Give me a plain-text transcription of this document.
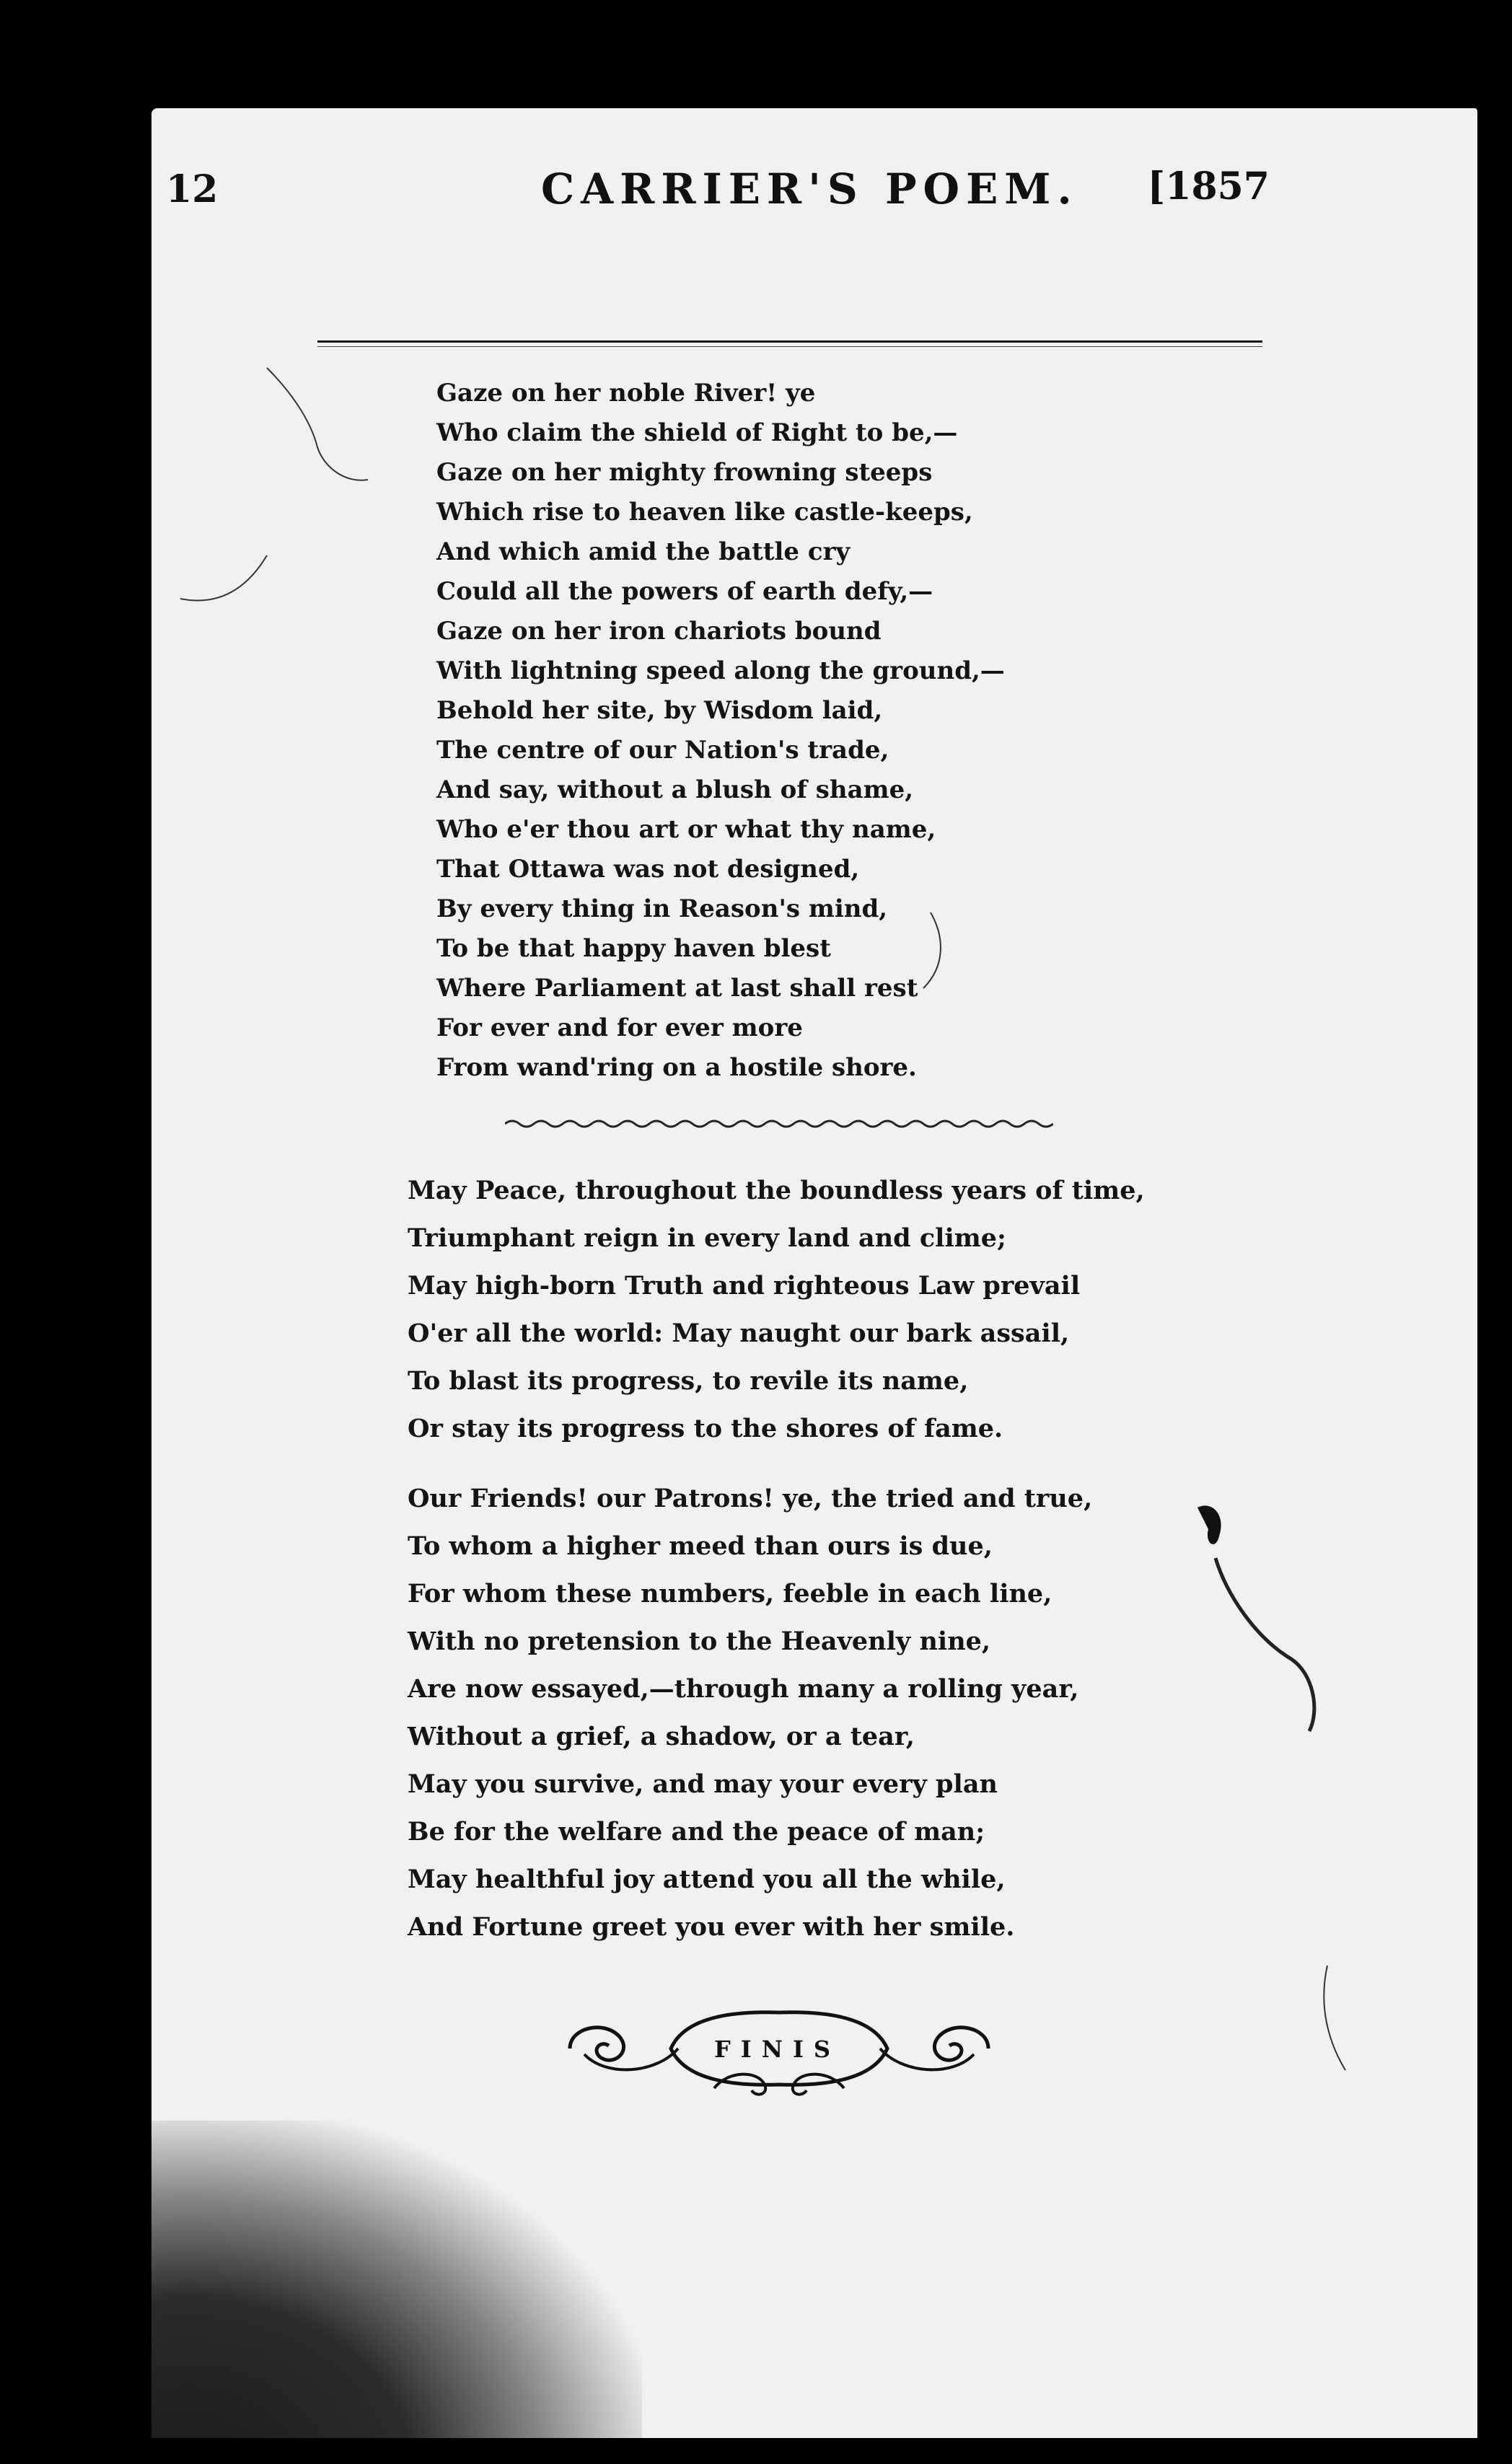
12	CARRIER'S POEM. [1857
Gaze on her noble River! ye
Who claim the shield of Right to be,—
Gaze on her mighty frowning steeps
Which rise to heaven like castle-keeps,
And which amid the battle cry
Could all the powers of earth defy,—
Gaze on her iron chariots bound
With lightning speed along the ground,—
Behold her site, by Wisdom laid,
The centre of our Nation's trade,
And say, without a blush of shame,
Who e'er thou art or what thy name,
That Ottawa was not designed,
By every thing in Reason's mind,
To be that happy haven blest
Where Parliament at last shall rest
For ever and for ever more
From wand'ring on a hostile shore.
May Peace, throughout the boundless years of time,
Triumphant reign in every land and clime;
May high-born Truth and righteous Law prevail
O'er all the world: May naught our bark assail,
To blast its progress, to revile its name,
Or stay its progress to the shores of fame.
Our Friends! our Patrons! ye, the tried and true,
To whom a higher meed than ours is due,
For whom these numbers, feeble in each line,
With no pretension to the Heavenly nine,
Are now essayed,—through many a rolling year,
Without a grief, a shadow, or a tear,
May you survive, and may your every plan
Be for the welfare and the peace of man;
May healthful joy attend you all the while,
And Fortune greet you ever with her smile.
FINIS
